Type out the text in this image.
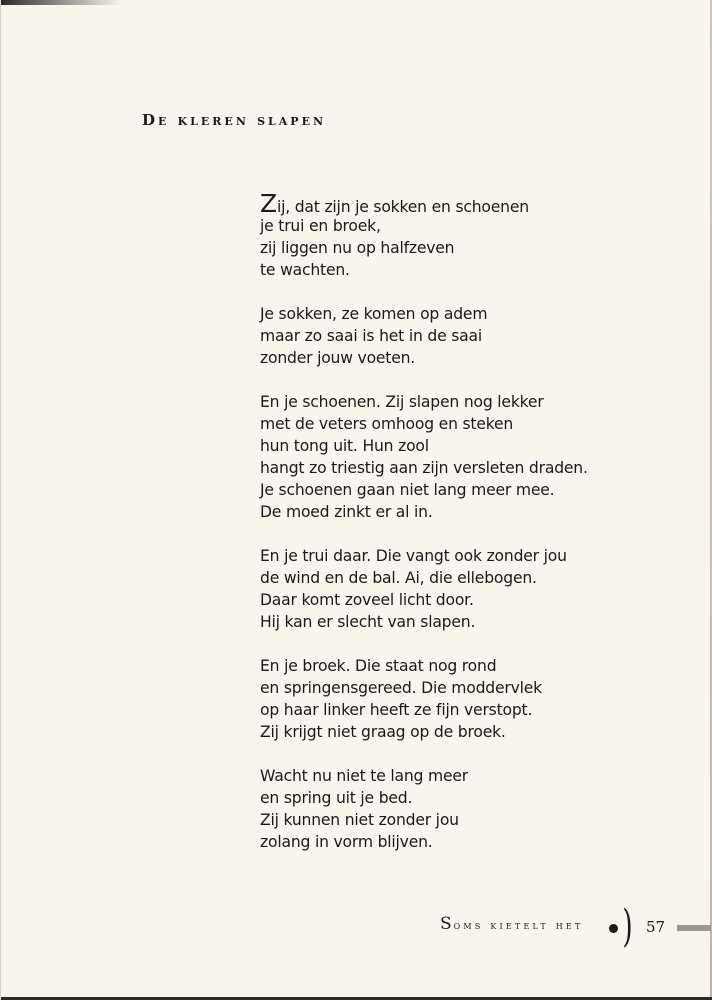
De kleren slapen
Zij, dat zijn je sokken en schoenen
je trui en broek,
zij liggen nu op halfzeven
te wachten.
Je sokken, ze komen op adem
maar zo saai is het in de saai
zonder jouw voeten.
En je schoenen. Zij slapen nog lekker
met de veters omhoog en steken
hun tong uit. Hun zool
hangt zo triestig aan zijn versleten draden.
Je schoenen gaan niet lang meer mee.
De moed zinkt er al in.
En je trui daar. Die vangt ook zonder jou
de wind en de bal. Ai, die ellebogen.
Daar komt zoveel licht door.
Hij kan er slecht van slapen.
En je broek. Die staat nog rond
en springensgereed. Die moddervlek
op haar linker heeft ze fijn verstopt.
Zij krijgt niet graag op de broek.
Wacht nu niet te lang meer
en spring uit je bed.
Zij kunnen niet zonder jou
zolang in vorm blijven.
Soms kietelt het ) 57
